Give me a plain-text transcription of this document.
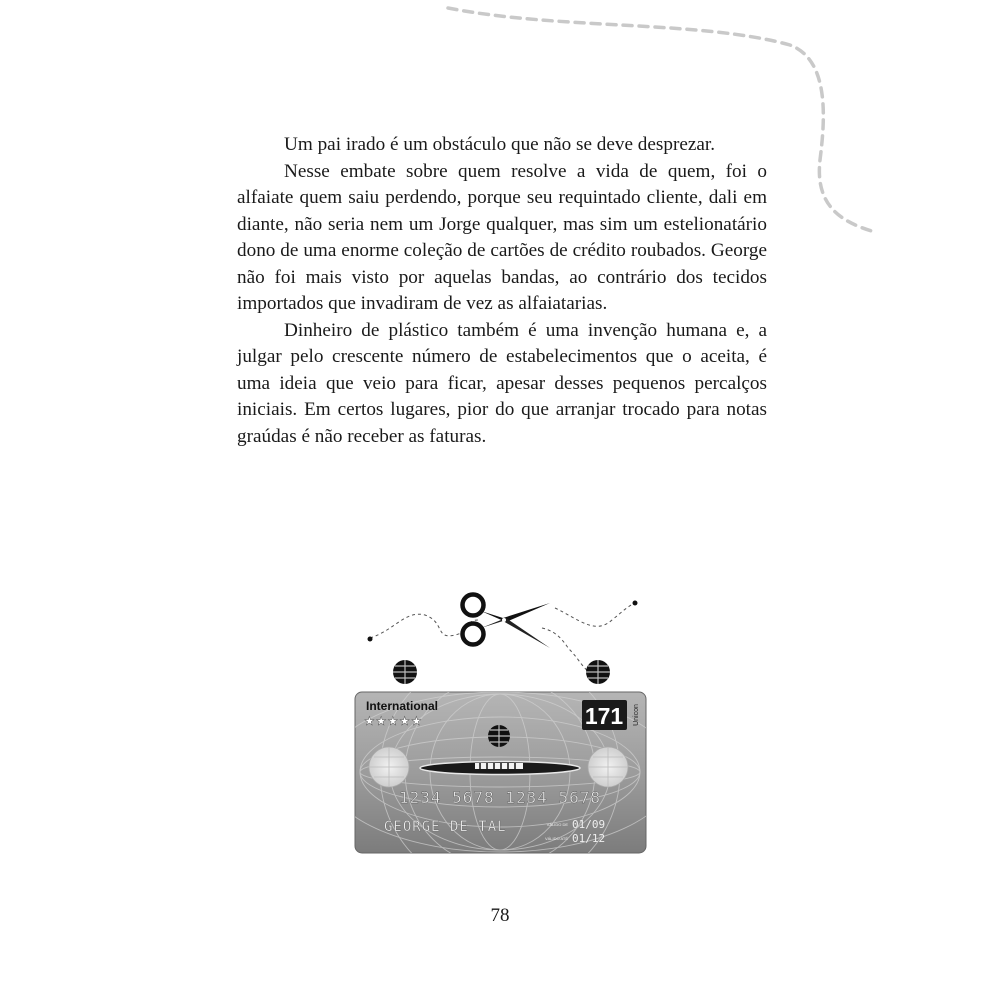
Um pai irado é um obstáculo que não se deve desprezar.

Nesse embate sobre quem resolve a vida de quem, foi o alfaiate quem saiu perdendo, porque seu requintado cliente, dali em diante, não seria nem um Jorge qualquer, mas sim um estelionatário dono de uma enorme coleção de cartões de crédito roubados. George não foi mais visto por aquelas bandas, ao contrário dos tecidos importados que invadiram de vez as alfaiatarias.

Dinheiro de plástico também é uma invenção humana e, a julgar pelo crescente número de estabelecimentos que o aceita, é uma ideia que veio para ficar, apesar desses pequenos percalços iniciais. Em certos lugares, pior do que arranjar trocado para notas graúdas é não receber as faturas.

International
★★★★★	171 Unicon
1234 5678 1234 5678
GEORGE DE TAL	VÁLIDO DE 01/09
VÁLIDO ATÉ 01/12
78
